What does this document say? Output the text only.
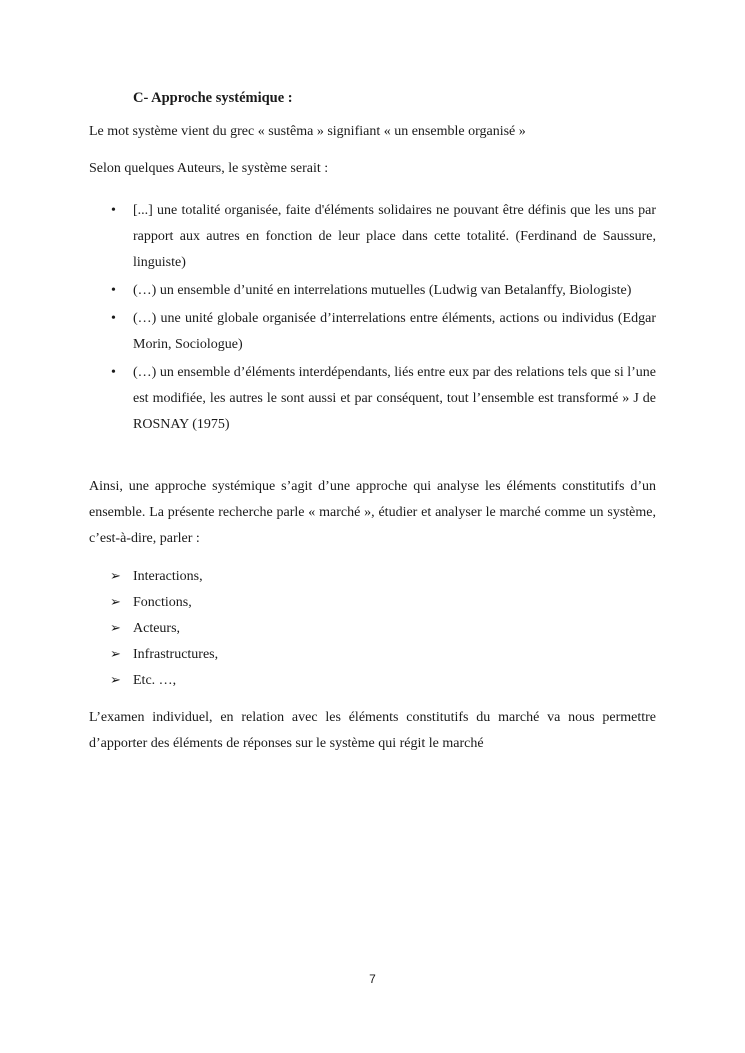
C- Approche systémique :
Le mot système vient du grec « sustêma » signifiant « un ensemble organisé »
Selon quelques Auteurs, le système serait :
• [...] une totalité organisée, faite d'éléments solidaires ne pouvant être définis que les uns par rapport aux autres en fonction de leur place dans cette totalité. (Ferdinand de Saussure, linguiste)
• (…) un ensemble d’unité en interrelations mutuelles (Ludwig van Betalanffy, Biologiste)
• (…) une unité globale organisée d’interrelations entre éléments, actions ou individus (Edgar Morin, Sociologue)
• (…) un ensemble d’éléments interdépendants, liés entre eux par des relations tels que si l’une est modifiée, les autres le sont aussi et par conséquent, tout l’ensemble est transformé » J de ROSNAY (1975)
Ainsi, une approche systémique s’agit d’une approche qui analyse les éléments constitutifs d’un ensemble. La présente recherche parle « marché », étudier et analyser le marché comme un système, c’est-à-dire, parler :
➢ Interactions,
➢ Fonctions,
➢ Acteurs,
➢ Infrastructures,
➢ Etc. …,
L’examen individuel, en relation avec les éléments constitutifs du marché va nous permettre d’apporter des éléments de réponses sur le système qui régit le marché
7
